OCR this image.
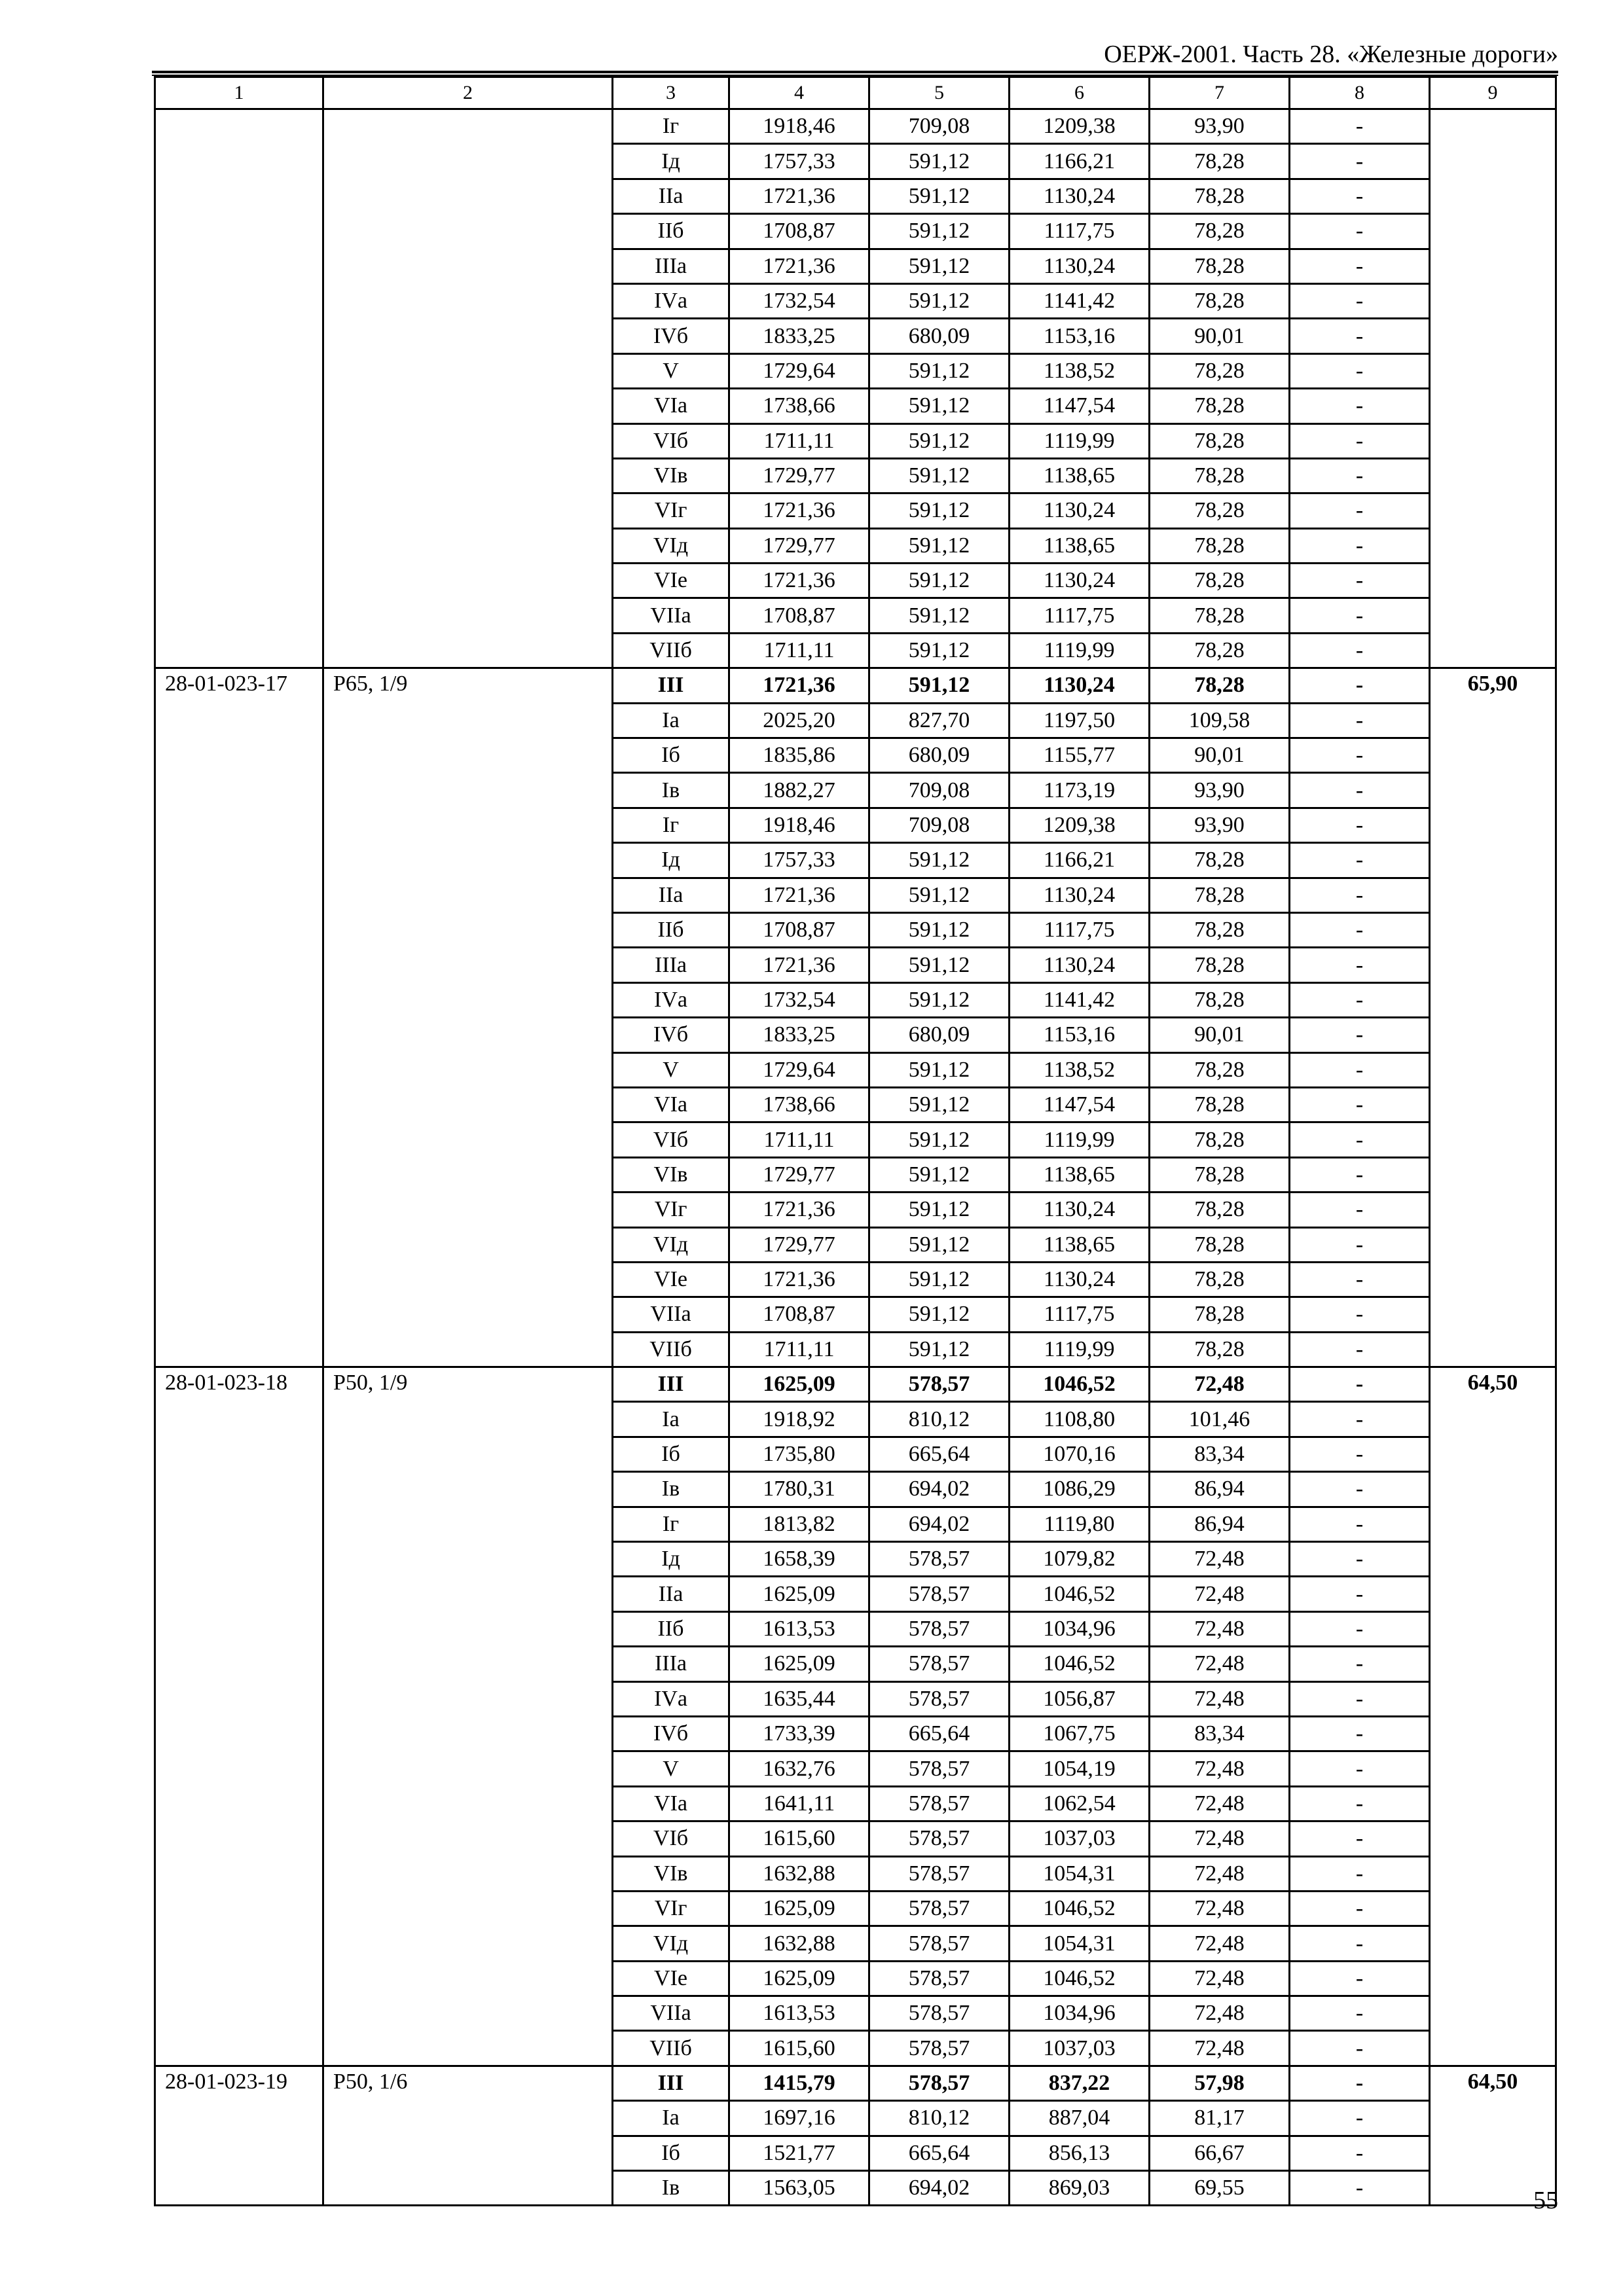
ОЕРЖ-2001. Часть 28. «Железные дороги»
1	2	3	4	5	6	7	8	9
		Iг	1918,46	709,08	1209,38	93,90	-	
		Iд	1757,33	591,12	1166,21	78,28	-	
		IIа	1721,36	591,12	1130,24	78,28	-	
		IIб	1708,87	591,12	1117,75	78,28	-	
		IIIа	1721,36	591,12	1130,24	78,28	-	
		IVа	1732,54	591,12	1141,42	78,28	-	
		IVб	1833,25	680,09	1153,16	90,01	-	
		V	1729,64	591,12	1138,52	78,28	-	
		VIа	1738,66	591,12	1147,54	78,28	-	
		VIб	1711,11	591,12	1119,99	78,28	-	
		VIв	1729,77	591,12	1138,65	78,28	-	
		VIг	1721,36	591,12	1130,24	78,28	-	
		VIд	1729,77	591,12	1138,65	78,28	-	
		VIе	1721,36	591,12	1130,24	78,28	-	
		VIIа	1708,87	591,12	1117,75	78,28	-	
		VIIб	1711,11	591,12	1119,99	78,28	-	
28-01-023-17	Р65, 1/9	III	1721,36	591,12	1130,24	78,28	-	65,90
		Iа	2025,20	827,70	1197,50	109,58	-	
		Iб	1835,86	680,09	1155,77	90,01	-	
		Iв	1882,27	709,08	1173,19	93,90	-	
		Iг	1918,46	709,08	1209,38	93,90	-	
		Iд	1757,33	591,12	1166,21	78,28	-	
		IIа	1721,36	591,12	1130,24	78,28	-	
		IIб	1708,87	591,12	1117,75	78,28	-	
		IIIа	1721,36	591,12	1130,24	78,28	-	
		IVа	1732,54	591,12	1141,42	78,28	-	
		IVб	1833,25	680,09	1153,16	90,01	-	
		V	1729,64	591,12	1138,52	78,28	-	
		VIа	1738,66	591,12	1147,54	78,28	-	
		VIб	1711,11	591,12	1119,99	78,28	-	
		VIв	1729,77	591,12	1138,65	78,28	-	
		VIг	1721,36	591,12	1130,24	78,28	-	
		VIд	1729,77	591,12	1138,65	78,28	-	
		VIе	1721,36	591,12	1130,24	78,28	-	
		VIIа	1708,87	591,12	1117,75	78,28	-	
		VIIб	1711,11	591,12	1119,99	78,28	-	
28-01-023-18	Р50, 1/9	III	1625,09	578,57	1046,52	72,48	-	64,50
		Iа	1918,92	810,12	1108,80	101,46	-	
		Iб	1735,80	665,64	1070,16	83,34	-	
		Iв	1780,31	694,02	1086,29	86,94	-	
		Iг	1813,82	694,02	1119,80	86,94	-	
		Iд	1658,39	578,57	1079,82	72,48	-	
		IIа	1625,09	578,57	1046,52	72,48	-	
		IIб	1613,53	578,57	1034,96	72,48	-	
		IIIа	1625,09	578,57	1046,52	72,48	-	
		IVа	1635,44	578,57	1056,87	72,48	-	
		IVб	1733,39	665,64	1067,75	83,34	-	
		V	1632,76	578,57	1054,19	72,48	-	
		VIа	1641,11	578,57	1062,54	72,48	-	
		VIб	1615,60	578,57	1037,03	72,48	-	
		VIв	1632,88	578,57	1054,31	72,48	-	
		VIг	1625,09	578,57	1046,52	72,48	-	
		VIд	1632,88	578,57	1054,31	72,48	-	
		VIе	1625,09	578,57	1046,52	72,48	-	
		VIIа	1613,53	578,57	1034,96	72,48	-	
		VIIб	1615,60	578,57	1037,03	72,48	-	
28-01-023-19	Р50, 1/6	III	1415,79	578,57	837,22	57,98	-	64,50
		Iа	1697,16	810,12	887,04	81,17	-	
		Iб	1521,77	665,64	856,13	66,67	-	
		Iв	1563,05	694,02	869,03	69,55	-		55
